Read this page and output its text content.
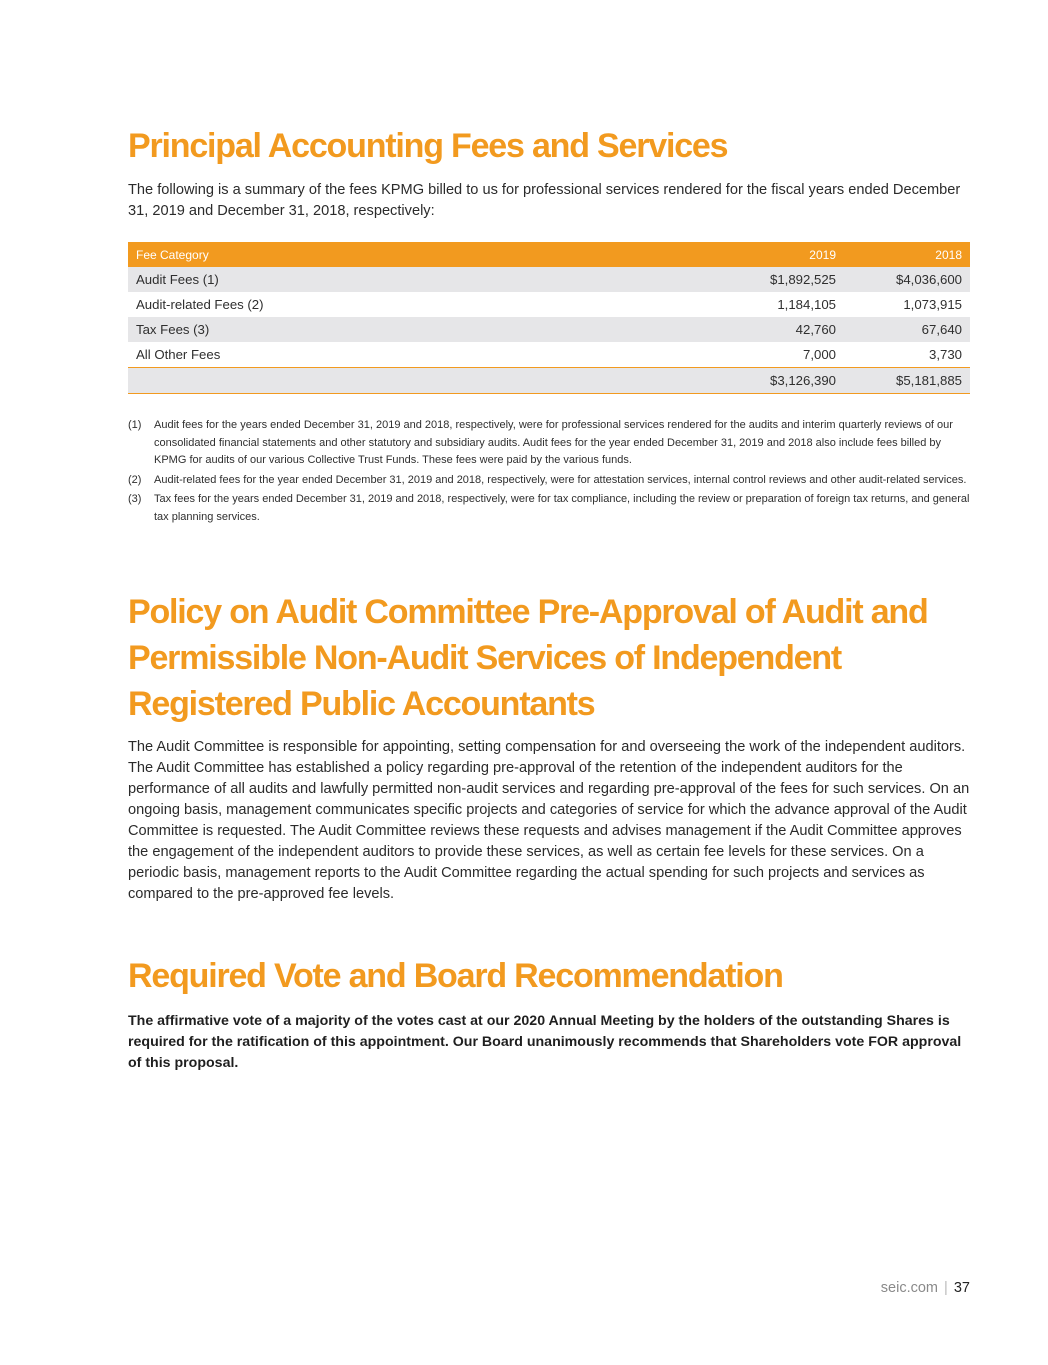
Principal Accounting Fees and Services

The following is a summary of the fees KPMG billed to us for professional services rendered for the fiscal years ended December 31, 2019 and December 31, 2018, respectively:

Fee Category	2019	2018
Audit Fees (1)	$1,892,525	$4,036,600
Audit-related Fees (2)	1,184,105	1,073,915
Tax Fees (3)	42,760	67,640
All Other Fees	7,000	3,730
	$3,126,390	$5,181,885
(1)	Audit fees for the years ended December 31, 2019 and 2018, respectively, were for professional services rendered for the audits and interim quarterly reviews of our consolidated financial statements and other statutory and subsidiary audits. Audit fees for the year ended December 31, 2019 and 2018 also include fees billed by KPMG for audits of our various Collective Trust Funds. These fees were paid by the various funds.
(2)	Audit-related fees for the year ended December 31, 2019 and 2018, respectively, were for attestation services, internal control reviews and other audit-related services.
(3)	Tax fees for the years ended December 31, 2019 and 2018, respectively, were for tax compliance, including the review or preparation of foreign tax returns, and general tax planning services.
Policy on Audit Committee Pre-Approval of Audit and Permissible Non-Audit Services of Independent Registered Public Accountants

The Audit Committee is responsible for appointing, setting compensation for and overseeing the work of the independent auditors. The Audit Committee has established a policy regarding pre-approval of the retention of the independent auditors for the performance of all audits and lawfully permitted non-audit services and regarding pre-approval of the fees for such services. On an ongoing basis, management communicates specific projects and categories of service for which the advance approval of the Audit Committee is requested. The Audit Committee reviews these requests and advises management if the Audit Committee approves the engagement of the independent auditors to provide these services, as well as certain fee levels for these services. On a periodic basis, management reports to the Audit Committee regarding the actual spending for such projects and services as compared to the pre-approved fee levels.

Required Vote and Board Recommendation

The affirmative vote of a majority of the votes cast at our 2020 Annual Meeting by the holders of the outstanding Shares is required for the ratification of this appointment. Our Board unanimously recommends that Shareholders vote FOR approval of this proposal.

seic.com | 37
